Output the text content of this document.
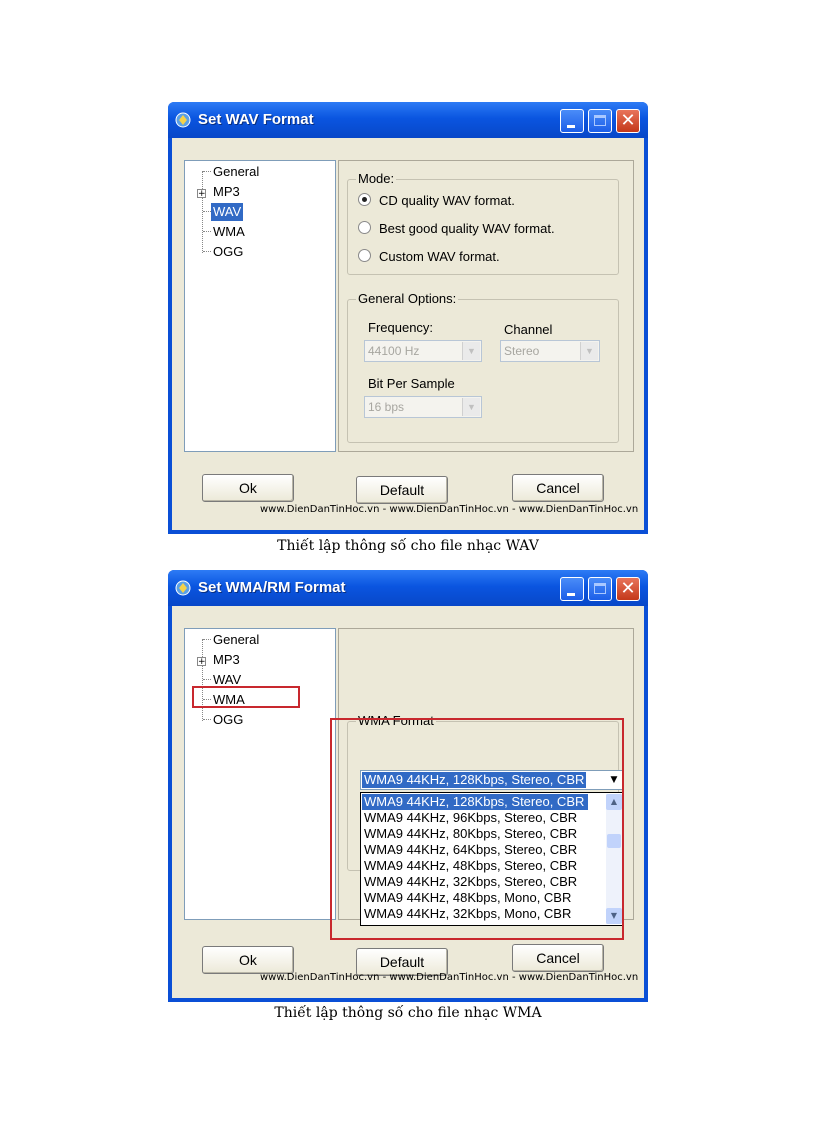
Set WAV Format	✕
General
+ MP3
WAV
WMA
OGG
Mode:
CD quality WAV format.
Best good quality WAV format.
Custom WAV format.
General Options:
Frequency:
44100 Hz	▼
Channel
Stereo	▼
Bit Per Sample
16 bps	▼
Ok	Default	Cancel
www.DienDanTinHoc.vn - www.DienDanTinHoc.vn - www.DienDanTinHoc.vn
Thiết lập thông số cho file nhạc WAV
Set WMA/RM Format	✕
General
+ MP3
WAV
WMA
OGG	WMA Format
WMA9 44KHz, 128Kbps, Stereo, CBR	▼
WMA9 44KHz, 128Kbps, Stereo, CBR
WMA9 44KHz, 96Kbps, Stereo, CBR
WMA9 44KHz, 80Kbps, Stereo, CBR
WMA9 44KHz, 64Kbps, Stereo, CBR
WMA9 44KHz, 48Kbps, Stereo, CBR
WMA9 44KHz, 32Kbps, Stereo, CBR
WMA9 44KHz, 48Kbps, Mono, CBR
WMA9 44KHz, 32Kbps, Mono, CBR
▲
▼
Ok	Default	Cancel
www.DienDanTinHoc.vn - www.DienDanTinHoc.vn - www.DienDanTinHoc.vn
Thiết lập thông số cho file nhạc WMA
